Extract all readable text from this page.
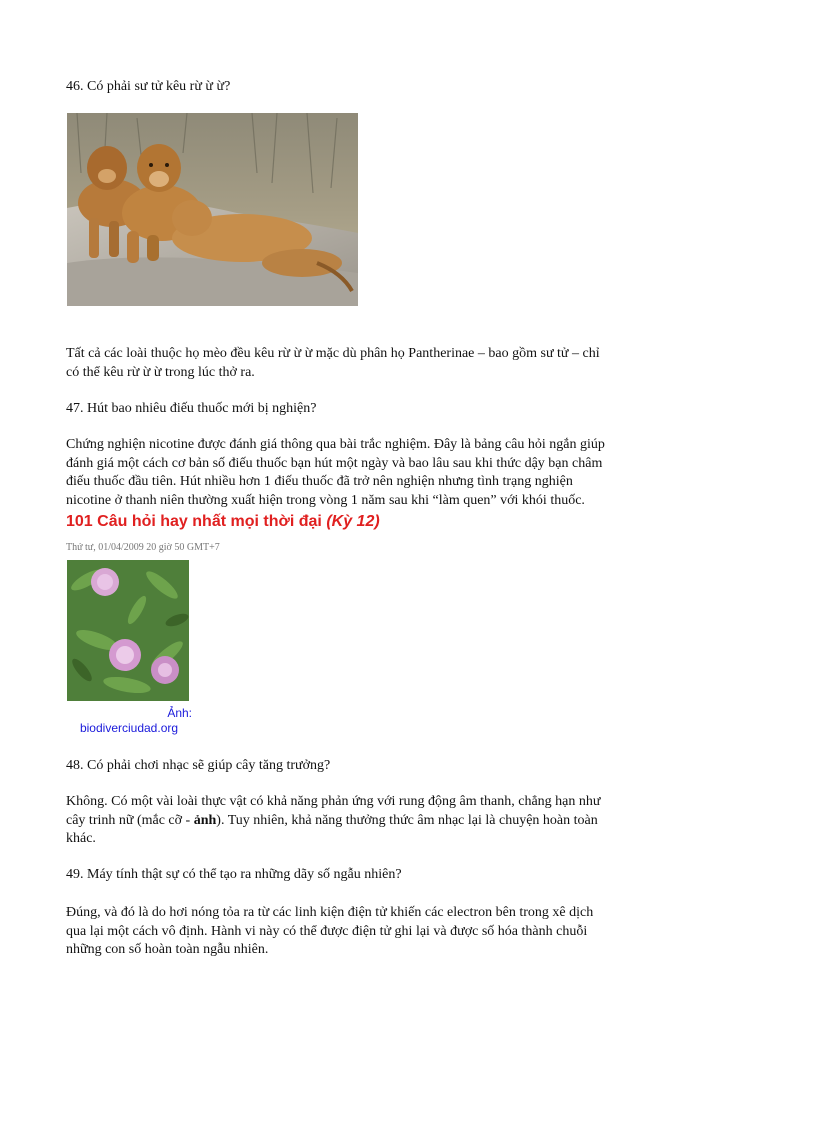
46. Có phải sư tử kêu rừ ừ ừ?
Tất cả các loài thuộc họ mèo đều kêu rừ ừ ừ mặc dù phân họ Pantherinae – bao gồm sư tử – chỉ
có thể kêu rừ ừ ừ trong lúc thở ra.
47. Hút bao nhiêu điếu thuốc mới bị nghiện?
Chứng nghiện nicotine được đánh giá thông qua bài trắc nghiệm. Đây là bảng câu hỏi ngắn giúp
đánh giá một cách cơ bản số điếu thuốc bạn hút một ngày và bao lâu sau khi thức dậy bạn châm
điếu thuốc đầu tiên. Hút nhiều hơn 1 điếu thuốc đã trở nên nghiện nhưng tình trạng nghiện
nicotine ở thanh niên thường xuất hiện trong vòng 1 năm sau khi “làm quen” với khói thuốc.
101 Câu hỏi hay nhất mọi thời đại (Kỳ 12)
Thứ tư, 01/04/2009 20 giờ 50 GMT+7
Ảnh:
biodiverciudad.org
48. Có phải chơi nhạc sẽ giúp cây tăng trưởng?
Không. Có một vài loài thực vật có khả năng phản ứng với rung động âm thanh, chẳng hạn như
cây trinh nữ (mắc cỡ - ảnh). Tuy nhiên, khả năng thưởng thức âm nhạc lại là chuyện hoàn toàn
khác.
49. Máy tính thật sự có thể tạo ra những dãy số ngẫu nhiên?
Đúng, và đó là do hơi nóng tỏa ra từ các linh kiện điện tử khiến các electron bên trong xê dịch
qua lại một cách vô định. Hành vi này có thể được điện tử ghi lại và được số hóa thành chuỗi
những con số hoàn toàn ngẫu nhiên.
